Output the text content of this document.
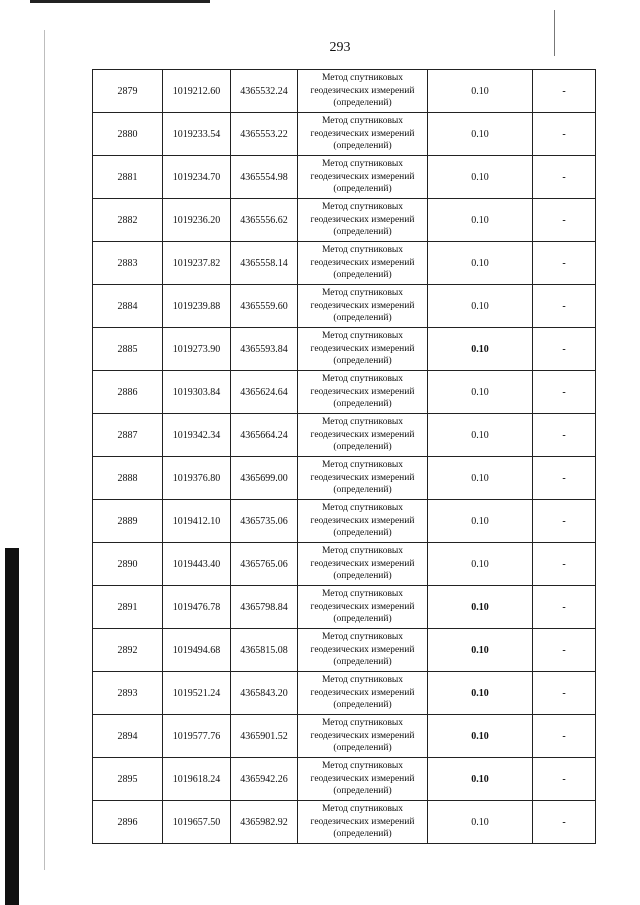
293
2879	1019212.60	4365532.24	Метод спутниковых
геодезических измерений
(определений)	0.10	-
2880	1019233.54	4365553.22	Метод спутниковых
геодезических измерений
(определений)	0.10	-
2881	1019234.70	4365554.98	Метод спутниковых
геодезических измерений
(определений)	0.10	-
2882	1019236.20	4365556.62	Метод спутниковых
геодезических измерений
(определений)	0.10	-
2883	1019237.82	4365558.14	Метод спутниковых
геодезических измерений
(определений)	0.10	-
2884	1019239.88	4365559.60	Метод спутниковых
геодезических измерений
(определений)	0.10	-
2885	1019273.90	4365593.84	Метод спутниковых
геодезических измерений
(определений)	0.10	-
2886	1019303.84	4365624.64	Метод спутниковых
геодезических измерений
(определений)	0.10	-
2887	1019342.34	4365664.24	Метод спутниковых
геодезических измерений
(определений)	0.10	-
2888	1019376.80	4365699.00	Метод спутниковых
геодезических измерений
(определений)	0.10	-
2889	1019412.10	4365735.06	Метод спутниковых
геодезических измерений
(определений)	0.10	-
2890	1019443.40	4365765.06	Метод спутниковых
геодезических измерений
(определений)	0.10	-
2891	1019476.78	4365798.84	Метод спутниковых
геодезических измерений
(определений)	0.10	-
2892	1019494.68	4365815.08	Метод спутниковых
геодезических измерений
(определений)	0.10	-
2893	1019521.24	4365843.20	Метод спутниковых
геодезических измерений
(определений)	0.10	-
2894	1019577.76	4365901.52	Метод спутниковых
геодезических измерений
(определений)	0.10	-
2895	1019618.24	4365942.26	Метод спутниковых
геодезических измерений
(определений)	0.10	-
2896	1019657.50	4365982.92	Метод спутниковых
геодезических измерений
(определений)	0.10	-
